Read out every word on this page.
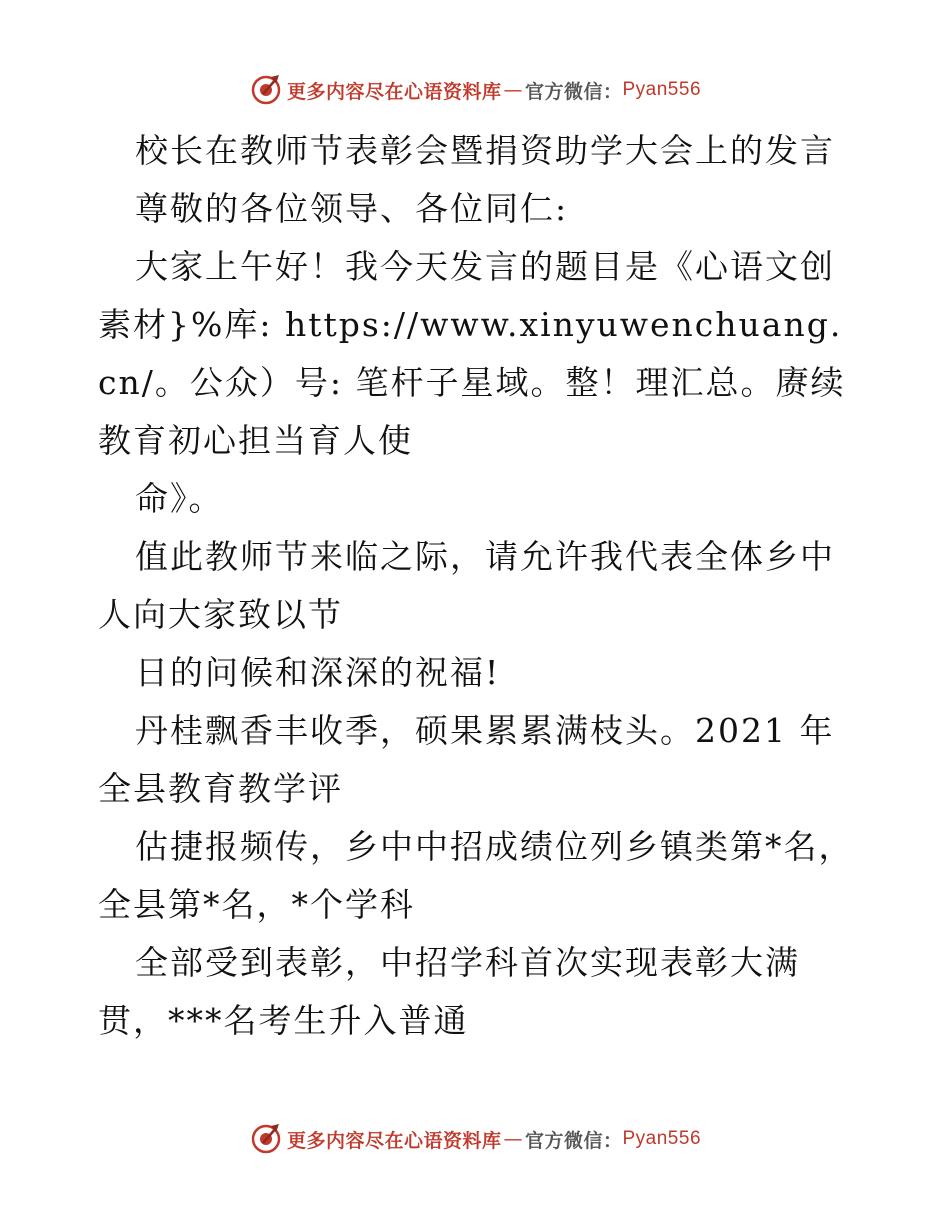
更多内容尽在心语资料库 — 官方微信： Pyan556

校长在教师节表彰会暨捐资助学大会上的发言

尊敬的各位领导、各位同仁:

大家上午好！我今天发言的题目是《心语文创素材}%库: https://www.xinyuwenchuang.cn/。公众）号: 笔杆子星域。整！理汇总。赓续教育初心担当育人使

命》。

值此教师节来临之际，请允许我代表全体乡中人向大家致以节

日的问候和深深的祝福!

丹桂飘香丰收季，硕果累累满枝头。2021 年全县教育教学评

估捷报频传，乡中中招成绩位列乡镇类第*名，全县第*名，*个学科

全部受到表彰，中招学科首次实现表彰大满贯，***名考生升入普通

更多内容尽在心语资料库 — 官方微信： Pyan556
